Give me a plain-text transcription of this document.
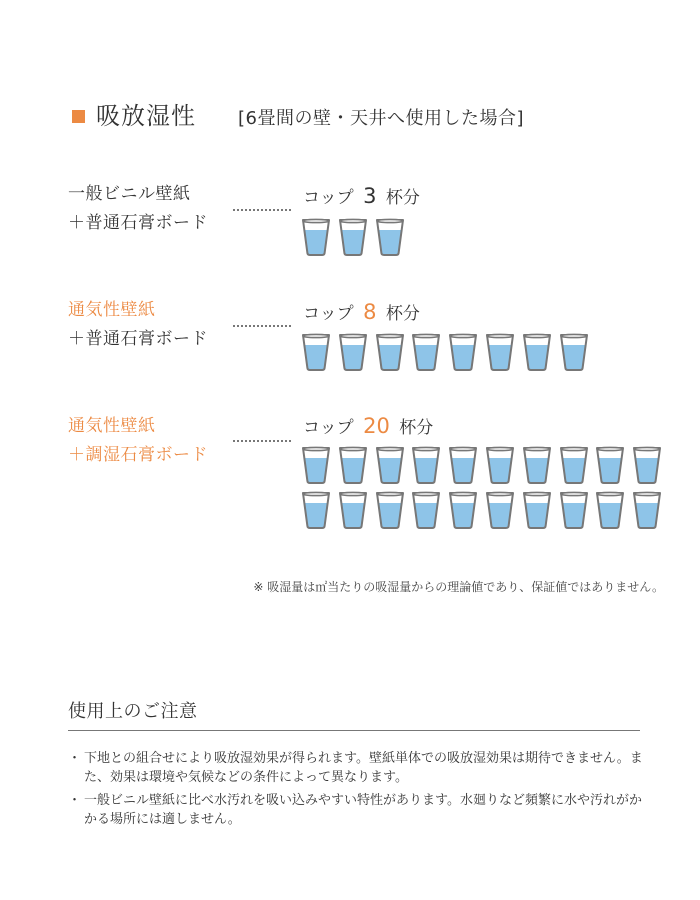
吸放湿性 [6畳間の壁・天井へ使用した場合]
一般ビニル壁紙
＋普通石膏ボード
コップ 3 杯分
通気性壁紙
＋普通石膏ボード
コップ 8 杯分
通気性壁紙
＋調湿石膏ボード
コップ 20 杯分
※ 吸湿量は㎡当たりの吸湿量からの理論値であり、保証値ではありません。
使用上のご注意
・ 下地との組合せにより吸放湿効果が得られます。壁紙単体での吸放湿効果は期待できません。また、効果は環境や気候などの条件によって異なります。
・ 一般ビニル壁紙に比べ水汚れを吸い込みやすい特性があります。水廻りなど頻繁に水や汚れがかかる場所には適しません。
